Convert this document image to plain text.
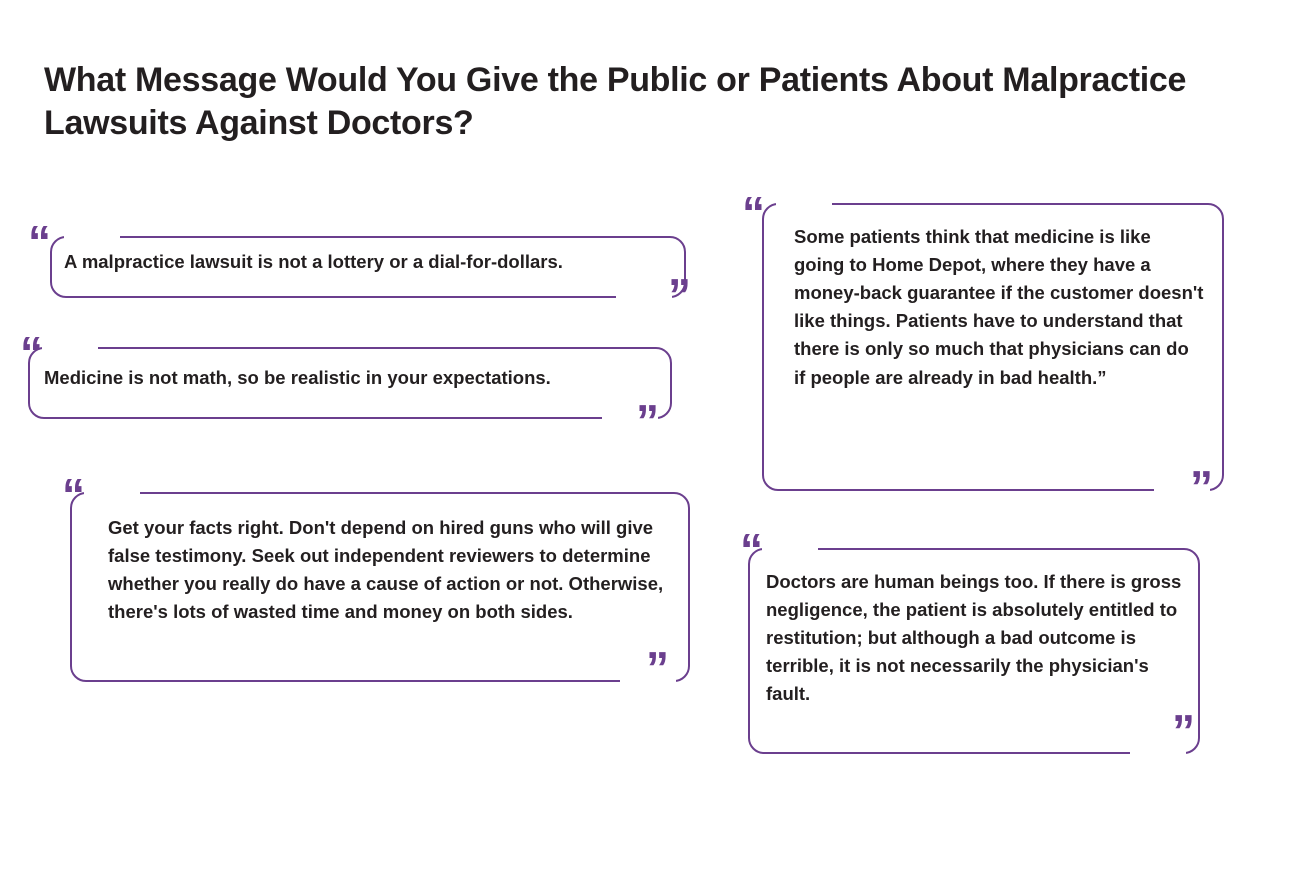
What Message Would You Give the Public or Patients About Malpractice Lawsuits Against Doctors?
A malpractice lawsuit is not a lottery or a dial-for-dollars.
“
”
Medicine is not math, so be realistic in your expectations.
“
”
Get your facts right. Don't depend on hired guns who will give false testimony. Seek out independent reviewers to determine whether you really do have a cause of action or not. Otherwise, there's lots of wasted time and money on both sides.
“
”
Some patients think that medicine is like going to Home Depot, where they have a money-back guarantee if the customer doesn't like things. Patients have to understand that there is only so much that physicians can do if people are already in bad health.”
“
”
Doctors are human beings too. If there is gross negligence, the patient is absolutely entitled to restitution; but although a bad outcome is terrible, it is not necessarily the physician's fault.
“
”
